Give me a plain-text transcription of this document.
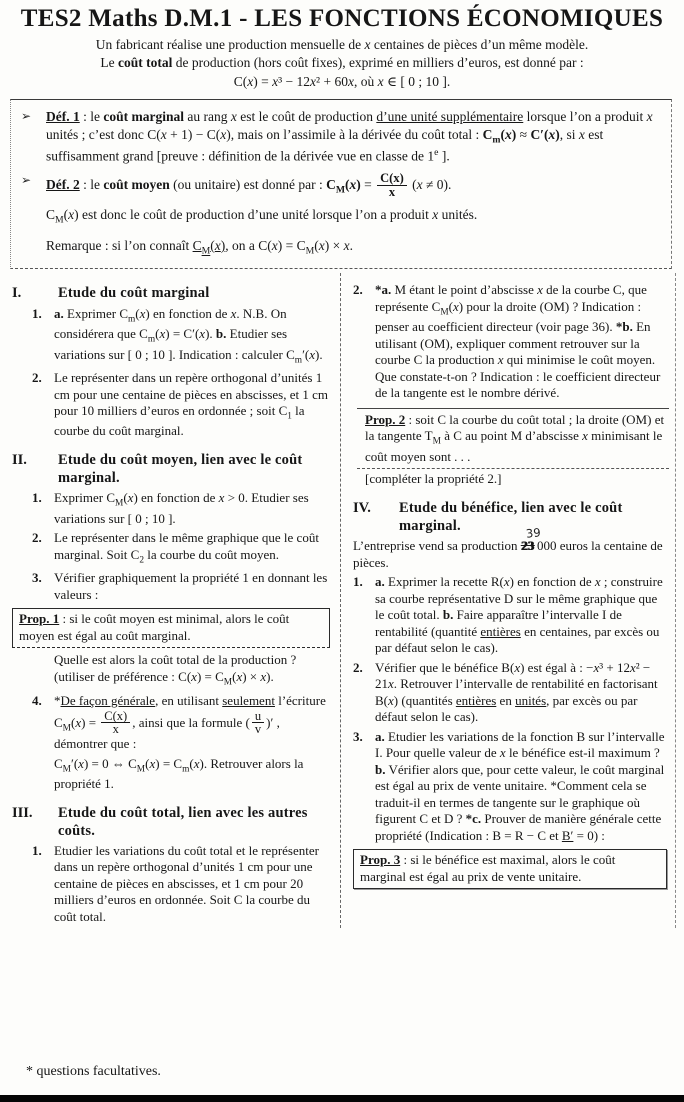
TES2 Maths D.M.1 - LES FONCTIONS ÉCONOMIQUES
Un fabricant réalise une production mensuelle de x centaines de pièces d’un même modèle.
Le coût total de production (hors coût fixes), exprimé en milliers d’euros, est donné par :
C(x) = x³ − 12x² + 60x, où x ∈ [ 0 ; 10 ].
➢	Déf. 1 : le coût marginal au rang x est le coût de production d’une unité supplémentaire lorsque l’on a produit x unités ; c’est donc C(x + 1) − C(x), mais on l’assimile à la dérivée du coût total : $C_m(x) \approx C'(x)$, si x est suffisamment grand [preuve : définition de la dérivée vue en classe de 1e ].
➢	Déf. 2 : le coût moyen (ou unitaire) est donné par : $C_M(x) = \frac{C(x)}{x} (x \ne 0)$.
$C_M(x)$ est donc le coût de production d’une unité lorsque l’on a produit x unités.
Remarque : si l’on connaît $C_M(x)$, on a $C(x) = C_M(x) \times x$.
I.	Etude du coût marginal
1. a. Exprimer $C_m(x)$ en fonction de x. N.B. On considérera que $C_m(x) = C'(x)$. b. Etudier ses variations sur [ 0 ; 10 ]. Indication : calculer $C_m'(x)$.
2. Le représenter dans un repère orthogonal d’unités 1 cm pour une centaine de pièces en abscisses, et 1 cm pour 10 milliers d’euros en ordonnée ; soit $C_1$ la courbe du coût marginal.
II.	Etude du coût moyen, lien avec le coût marginal.
1. Exprimer $C_M(x)$ en fonction de x > 0. Etudier ses variations sur [ 0 ; 10 ].
2. Le représenter dans le même graphique que le coût marginal. Soit $C_2$ la courbe du coût moyen.
3. Vérifier graphiquement la propriété 1 en donnant les valeurs :
Prop. 1 : si le coût moyen est minimal, alors le coût moyen est égal au coût marginal.
Quelle est alors la coût total de la production ? (utiliser de préférence : $C(x) = C_M(x) \times x$).
4. *De façon générale, en utilisant seulement l’écriture $C_M(x) = \frac{C(x)}{x}$ , ainsi que la formule ( $\frac{u}{v}$ )′ , démontrer que :
$C_M'(x) = 0$ ⇔ $C_M(x) = C_m(x)$. Retrouver alors la propriété 1.
III.	Etude du coût total, lien avec les autres coûts.
1. Etudier les variations du coût total et le représenter dans un repère orthogonal d’unités 1 cm pour une centaine de pièces en abscisses, et 1 cm pour 20 milliers d’euros en ordonnée. Soit C la courbe du coût total.
2. *a. M étant le point d’abscisse x de la courbe C, que représente $C_M(x)$ pour la droite (OM) ? Indication : penser au coefficient directeur (voir page 36). *b. En utilisant (OM), expliquer comment retrouver sur la courbe C la production x qui minimise le coût moyen. Que constate-t-on ? Indication : le coefficient directeur de la tangente est le nombre dérivé.
Prop. 2 : soit C la courbe du coût total ; la droite (OM) et la tangente $T_M$ à C au point M d’abscisse x minimisant le coût moyen sont . . .
[compléter la propriété 2.]
IV.	Etude du bénéfice, lien avec le coût marginal.
L’entreprise vend sa production
39
23 000 euros la centaine de pièces.
1. a. Exprimer la recette R(x) en fonction de x ; construire sa courbe représentative D sur le même graphique que le coût total. b. Faire apparaître l’intervalle I de rentabilité (quantité entières en centaines, par excès ou par défaut selon le cas).
2. Vérifier que le bénéfice B(x) est égal à : −x³ + 12x² − 21x. Retrouver l’intervalle de rentabilité en factorisant B(x) (quantités entières en unités, par excès ou par défaut selon le cas).
3. a. Etudier les variations de la fonction B sur l’intervalle I. Pour quelle valeur de x le bénéfice est-il maximum ? b. Vérifier alors que, pour cette valeur, le coût marginal est égal au prix de vente unitaire. *Comment cela se traduit-il en termes de tangente sur le graphique où figurent C et D ? *c. Prouver de manière générale cette propriété (Indication : B = R − C et B′ = 0) :
Prop. 3 : si le bénéfice est maximal, alors le coût marginal est égal au prix de vente unitaire.
* questions facultatives.
